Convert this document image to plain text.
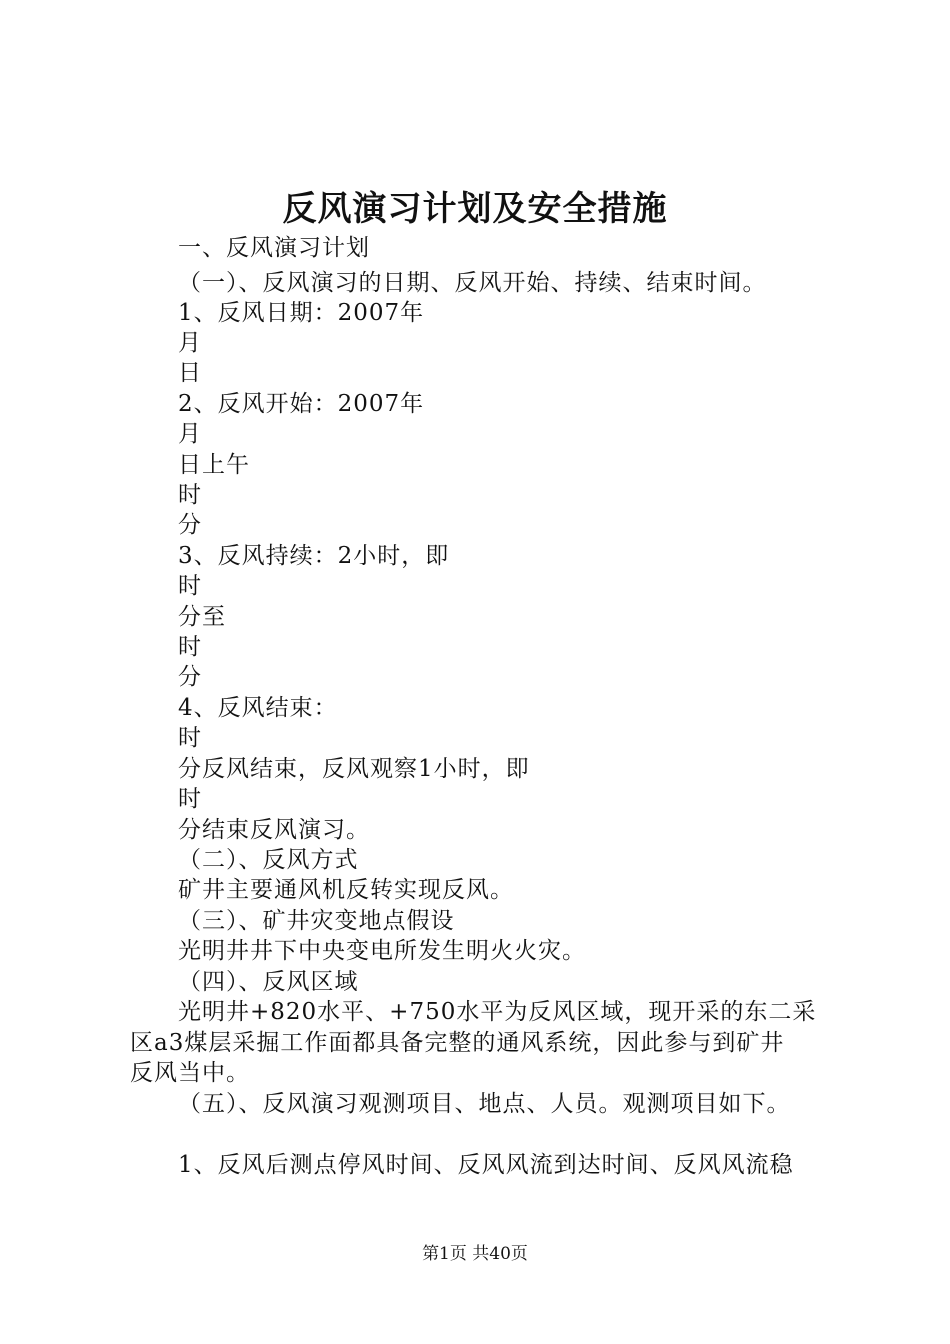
反风演习计划及安全措施
一、反风演习计划
（一）、反风演习的日期、反风开始、持续、结束时间。
1、反风日期：2007年
月
日
2、反风开始：2007年
月
日上午
时
分
3、反风持续：2小时，即
时
分至
时
分
4、反风结束：
时
分反风结束，反风观察1小时，即
时
分结束反风演习。
（二）、反风方式
矿井主要通风机反转实现反风。
（三）、矿井灾变地点假设
光明井井下中央变电所发生明火火灾。
（四）、反风区域
光明井+820水平、+750水平为反风区域，现开采的东二采
区a3煤层采掘工作面都具备完整的通风系统，因此参与到矿井
反风当中。
（五）、反风演习观测项目、地点、人员。观测项目如下。
1、反风后测点停风时间、反风风流到达时间、反风风流稳
第1页 共40页
